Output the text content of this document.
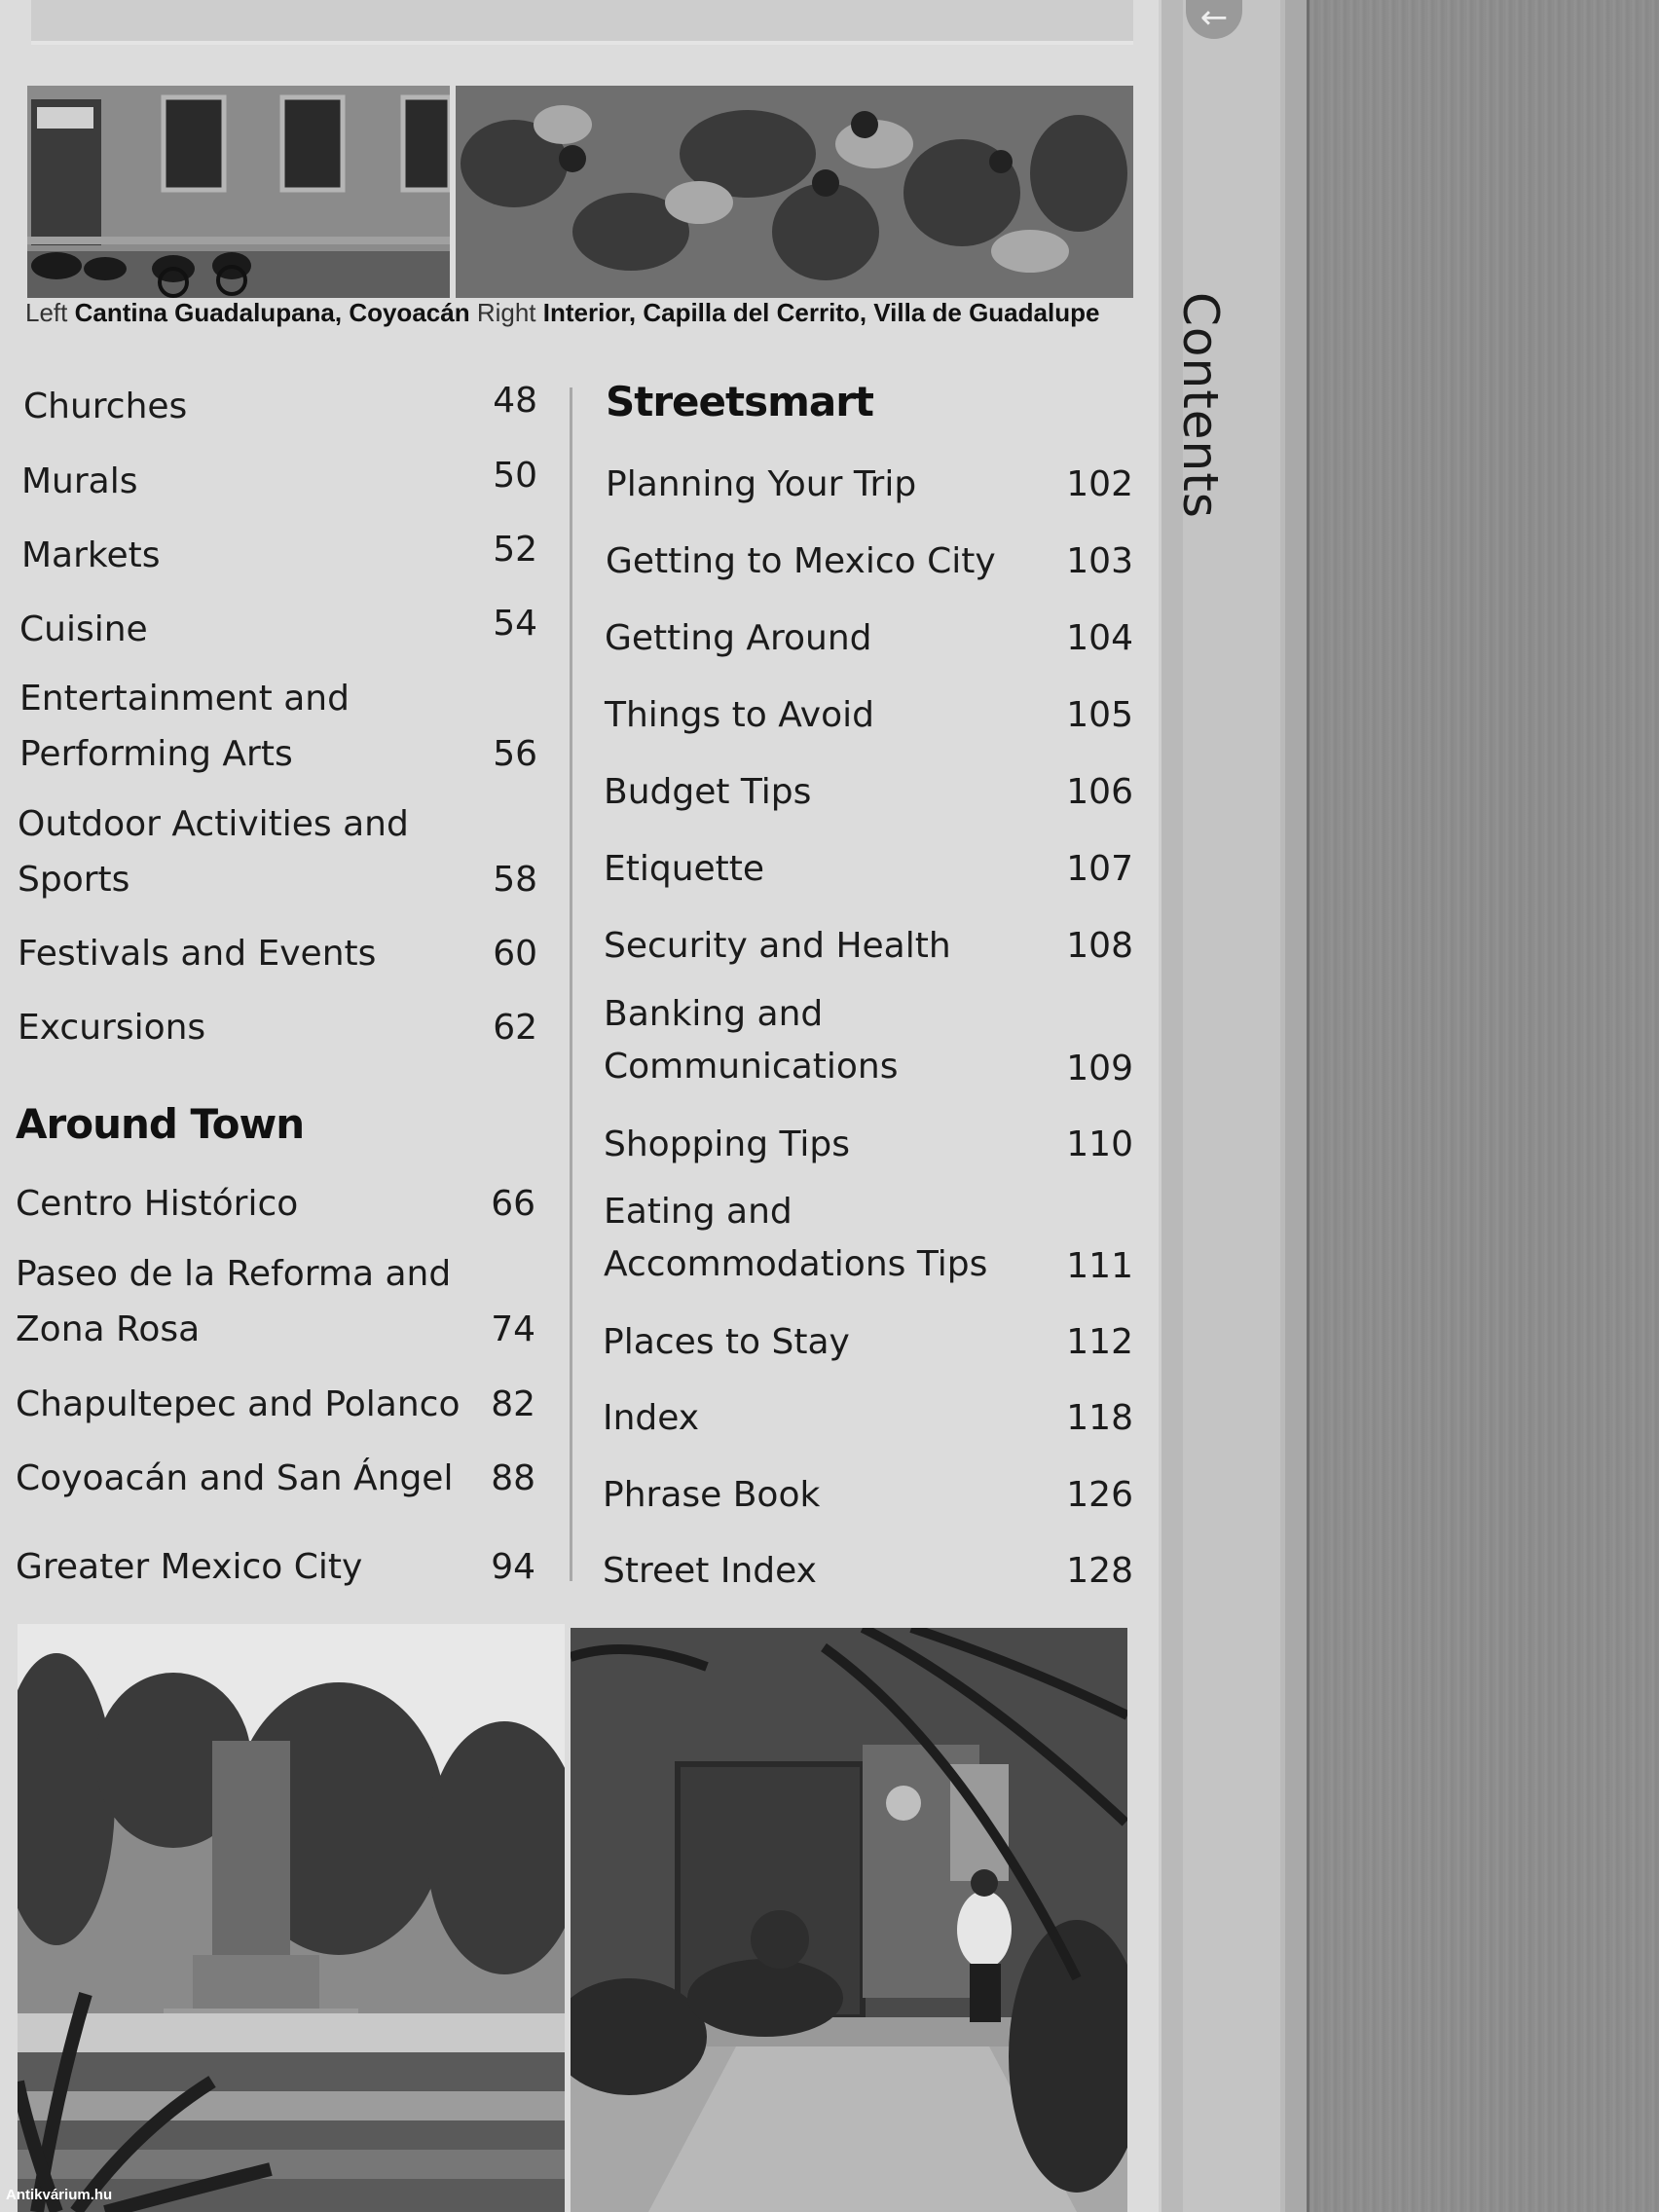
Left Cantina Guadalupana, Coyoacán Right Interior, Capilla del Cerrito, Villa de Guadalupe
Churches	48
Murals	50
Markets	52
Cuisine	54
Entertainment and
Performing Arts	56
Outdoor Activities and
Sports	58
Festivals and Events	60
Excursions	62
Around Town
Centro Histórico	66
Paseo de la Reforma and
Zona Rosa	74
Chapultepec and Polanco 82
Coyoacán and San Ángel 88
Greater Mexico City	94
Streetsmart
Planning Your Trip	102
Getting to Mexico City 103
Getting Around	104
Things to Avoid	105
Budget Tips	106
Etiquette	107
Security and Health	108
Banking and
Communications	109
Shopping Tips	110
Eating and
Accommodations Tips 111
Places to Stay	112
Index	118
Phrase Book	126
Street Index	128
Antikvárium.hu
←
Contents
